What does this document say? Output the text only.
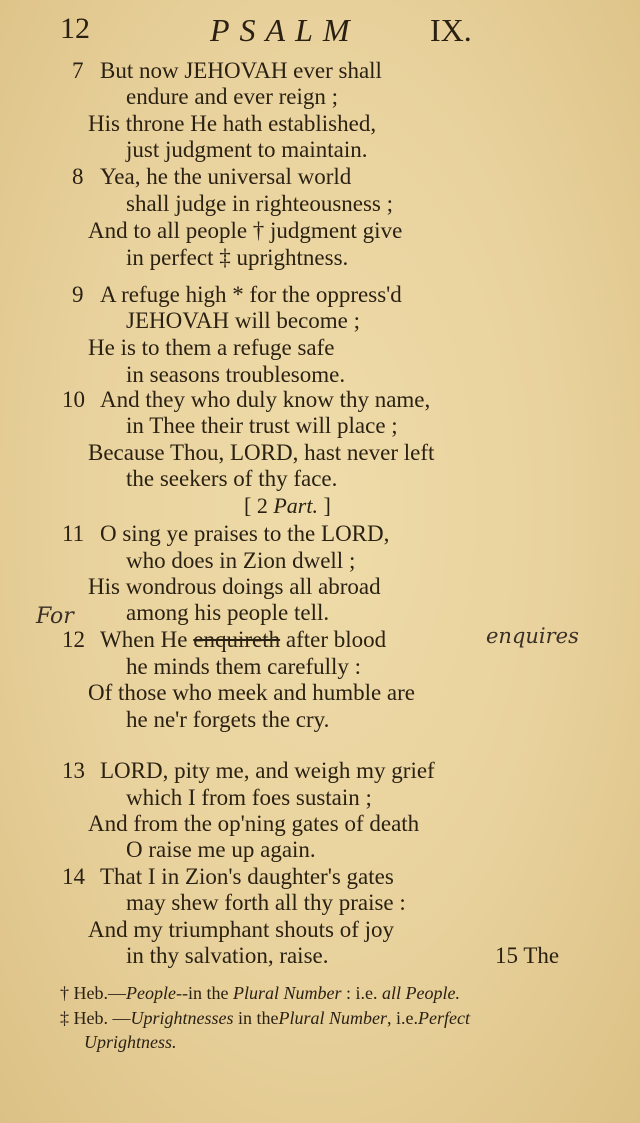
12	PSALM IX.
7 But now JEHOVAH ever shall
endure and ever reign ;
His throne He hath established,
just judgment to maintain.
8 Yea, he the universal world
shall judge in righteousness ;
And to all people † judgment give
in perfect ‡ uprightness.
9 A refuge high * for the oppress'd
JEHOVAH will become ;
He is to them a refuge safe
in seasons troublesome.
10 And they who duly know thy name,
in Thee their trust will place ;
Because Thou, LORD, hast never left
the seekers of thy face.
[ 2 Part. ]
11 O sing ye praises to the LORD,
who does in Zion dwell ;
His wondrous doings all abroad
among his people tell.
For
12 When He enquireth after blood	enquires
he minds them carefully :
Of those who meek and humble are
he ne'r forgets the cry.
13 LORD, pity me, and weigh my grief
which I from foes sustain ;
And from the op'ning gates of death
O raise me up again.
14 That I in Zion's daughter's gates
may shew forth all thy praise :
And my triumphant shouts of joy
in thy salvation, raise.	15 The
† Heb.—People--in the Plural Number : i.e. all People.
‡ Heb. —Uprightnesses in thePlural Number, i.e.Perfect
Uprightness.
